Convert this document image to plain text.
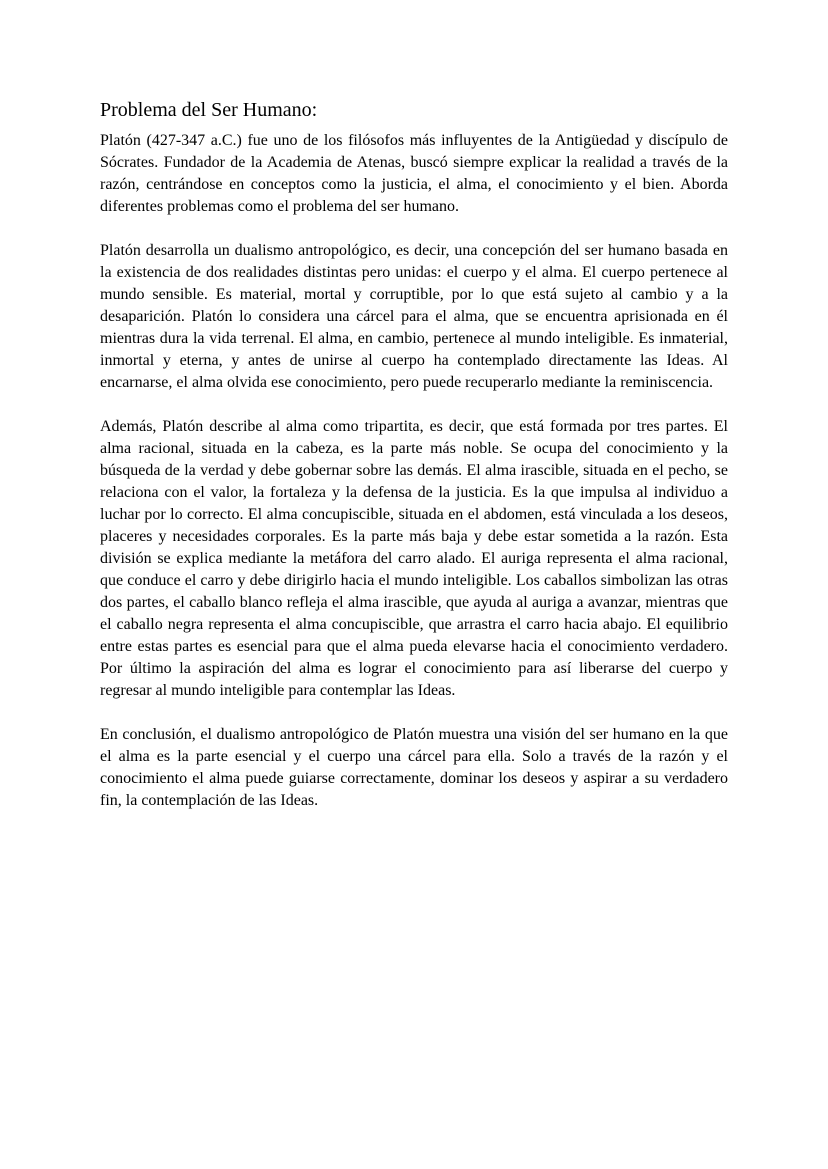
Problema del Ser Humano:

Platón (427-347 a.C.) fue uno de los filósofos más influyentes de la Antigüedad y discípulo de Sócrates. Fundador de la Academia de Atenas, buscó siempre explicar la realidad a través de la razón, centrándose en conceptos como la justicia, el alma, el conocimiento y el bien. Aborda diferentes problemas como el problema del ser humano.

Platón desarrolla un dualismo antropológico, es decir, una concepción del ser humano basada en la existencia de dos realidades distintas pero unidas: el cuerpo y el alma. El cuerpo pertenece al mundo sensible. Es material, mortal y corruptible, por lo que está sujeto al cambio y a la desaparición. Platón lo considera una cárcel para el alma, que se encuentra aprisionada en él mientras dura la vida terrenal. El alma, en cambio, pertenece al mundo inteligible. Es inmaterial, inmortal y eterna, y antes de unirse al cuerpo ha contemplado directamente las Ideas. Al encarnarse, el alma olvida ese conocimiento, pero puede recuperarlo mediante la reminiscencia.

Además, Platón describe al alma como tripartita, es decir, que está formada por tres partes. El alma racional, situada en la cabeza, es la parte más noble. Se ocupa del conocimiento y la búsqueda de la verdad y debe gobernar sobre las demás. El alma irascible, situada en el pecho, se relaciona con el valor, la fortaleza y la defensa de la justicia. Es la que impulsa al individuo a luchar por lo correcto. El alma concupiscible, situada en el abdomen, está vinculada a los deseos, placeres y necesidades corporales. Es la parte más baja y debe estar sometida a la razón. Esta división se explica mediante la metáfora del carro alado. El auriga representa el alma racional, que conduce el carro y debe dirigirlo hacia el mundo inteligible. Los caballos simbolizan las otras dos partes, el caballo blanco refleja el alma irascible, que ayuda al auriga a avanzar, mientras que el caballo negra representa el alma concupiscible, que arrastra el carro hacia abajo. El equilibrio entre estas partes es esencial para que el alma pueda elevarse hacia el conocimiento verdadero. Por último la aspiración del alma es lograr el conocimiento para así liberarse del cuerpo y regresar al mundo inteligible para contemplar las Ideas.

En conclusión, el dualismo antropológico de Platón muestra una visión del ser humano en la que el alma es la parte esencial y el cuerpo una cárcel para ella. Solo a través de la razón y el conocimiento el alma puede guiarse correctamente, dominar los deseos y aspirar a su verdadero fin, la contemplación de las Ideas.
